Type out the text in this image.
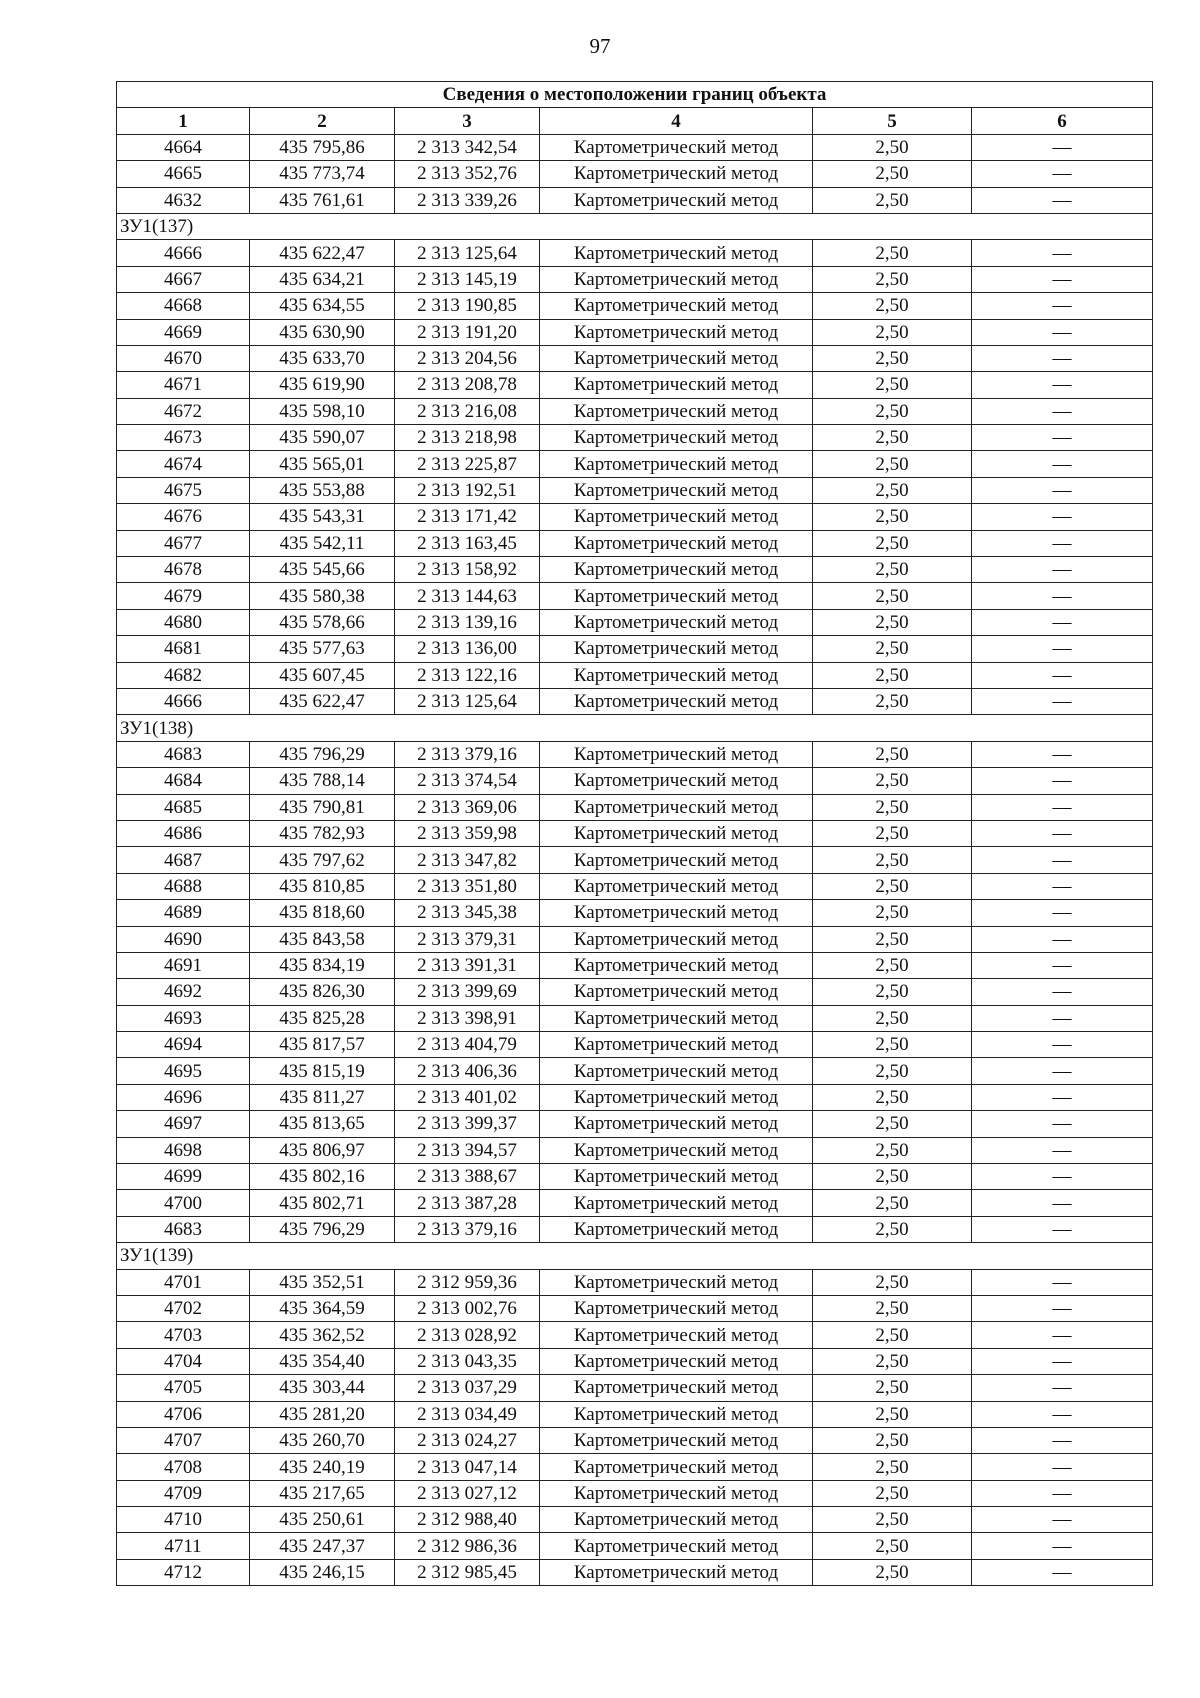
97
Сведения о местоположении границ объекта					
1	2	3	4	5	6
4664	435 795,86	2 313 342,54	Картометрический метод	2,50	—
4665	435 773,74	2 313 352,76	Картометрический метод	2,50	—
4632	435 761,61	2 313 339,26	Картометрический метод	2,50	—
ЗУ1(137)					
4666	435 622,47	2 313 125,64	Картометрический метод	2,50	—
4667	435 634,21	2 313 145,19	Картометрический метод	2,50	—
4668	435 634,55	2 313 190,85	Картометрический метод	2,50	—
4669	435 630,90	2 313 191,20	Картометрический метод	2,50	—
4670	435 633,70	2 313 204,56	Картометрический метод	2,50	—
4671	435 619,90	2 313 208,78	Картометрический метод	2,50	—
4672	435 598,10	2 313 216,08	Картометрический метод	2,50	—
4673	435 590,07	2 313 218,98	Картометрический метод	2,50	—
4674	435 565,01	2 313 225,87	Картометрический метод	2,50	—
4675	435 553,88	2 313 192,51	Картометрический метод	2,50	—
4676	435 543,31	2 313 171,42	Картометрический метод	2,50	—
4677	435 542,11	2 313 163,45	Картометрический метод	2,50	—
4678	435 545,66	2 313 158,92	Картометрический метод	2,50	—
4679	435 580,38	2 313 144,63	Картометрический метод	2,50	—
4680	435 578,66	2 313 139,16	Картометрический метод	2,50	—
4681	435 577,63	2 313 136,00	Картометрический метод	2,50	—
4682	435 607,45	2 313 122,16	Картометрический метод	2,50	—
4666	435 622,47	2 313 125,64	Картометрический метод	2,50	—
ЗУ1(138)					
4683	435 796,29	2 313 379,16	Картометрический метод	2,50	—
4684	435 788,14	2 313 374,54	Картометрический метод	2,50	—
4685	435 790,81	2 313 369,06	Картометрический метод	2,50	—
4686	435 782,93	2 313 359,98	Картометрический метод	2,50	—
4687	435 797,62	2 313 347,82	Картометрический метод	2,50	—
4688	435 810,85	2 313 351,80	Картометрический метод	2,50	—
4689	435 818,60	2 313 345,38	Картометрический метод	2,50	—
4690	435 843,58	2 313 379,31	Картометрический метод	2,50	—
4691	435 834,19	2 313 391,31	Картометрический метод	2,50	—
4692	435 826,30	2 313 399,69	Картометрический метод	2,50	—
4693	435 825,28	2 313 398,91	Картометрический метод	2,50	—
4694	435 817,57	2 313 404,79	Картометрический метод	2,50	—
4695	435 815,19	2 313 406,36	Картометрический метод	2,50	—
4696	435 811,27	2 313 401,02	Картометрический метод	2,50	—
4697	435 813,65	2 313 399,37	Картометрический метод	2,50	—
4698	435 806,97	2 313 394,57	Картометрический метод	2,50	—
4699	435 802,16	2 313 388,67	Картометрический метод	2,50	—
4700	435 802,71	2 313 387,28	Картометрический метод	2,50	—
4683	435 796,29	2 313 379,16	Картометрический метод	2,50	—
ЗУ1(139)					
4701	435 352,51	2 312 959,36	Картометрический метод	2,50	—
4702	435 364,59	2 313 002,76	Картометрический метод	2,50	—
4703	435 362,52	2 313 028,92	Картометрический метод	2,50	—
4704	435 354,40	2 313 043,35	Картометрический метод	2,50	—
4705	435 303,44	2 313 037,29	Картометрический метод	2,50	—
4706	435 281,20	2 313 034,49	Картометрический метод	2,50	—
4707	435 260,70	2 313 024,27	Картометрический метод	2,50	—
4708	435 240,19	2 313 047,14	Картометрический метод	2,50	—
4709	435 217,65	2 313 027,12	Картометрический метод	2,50	—
4710	435 250,61	2 312 988,40	Картометрический метод	2,50	—
4711	435 247,37	2 312 986,36	Картометрический метод	2,50	—
4712	435 246,15	2 312 985,45	Картометрический метод	2,50	—
